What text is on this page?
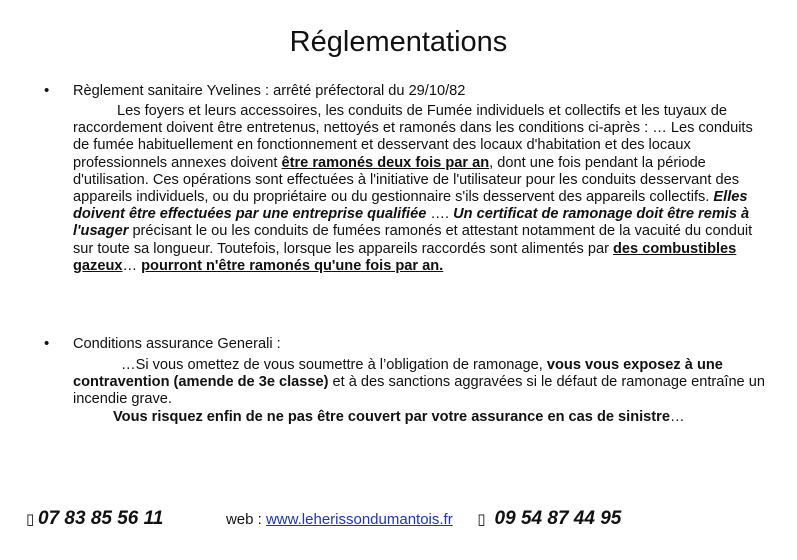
Réglementations
• Règlement sanitaire Yvelines : arrêté préfectoral du 29/10/82
Les foyers et leurs accessoires, les conduits de Fumée individuels et collectifs et les tuyaux de raccordement doivent être entretenus, nettoyés et ramonés dans les conditions ci-après : … Les conduits de fumée habituellement en fonctionnement et desservant des locaux d'habitation et des locaux professionnels annexes doivent être ramonés deux fois par an, dont une fois pendant la période d'utilisation. Ces opérations sont effectuées à l'initiative de l'utilisateur pour les conduits desservant des appareils individuels, ou du propriétaire ou du gestionnaire s'ils desservent des appareils collectifs. Elles doivent être effectuées par une entreprise qualifiée …. Un certificat de ramonage doit être remis à l'usager précisant le ou les conduits de fumées ramonés et attestant notamment de la vacuité du conduit sur toute sa longueur. Toutefois, lorsque les appareils raccordés sont alimentés par des combustibles gazeux… pourront n'être ramonés qu'une fois par an.
• Conditions assurance Generali :
…Si vous omettez de vous soumettre à l’obligation de ramonage, vous vous exposez à une contravention (amende de 3e classe) et à des sanctions aggravées si le défaut de ramonage entraîne un incendie grave.
Vous risquez enfin de ne pas être couvert par votre assurance en cas de sinistre…
▯ 07 83 85 56 11	web : www.leherissondumantois.fr ▯ 09 54 87 44 95
